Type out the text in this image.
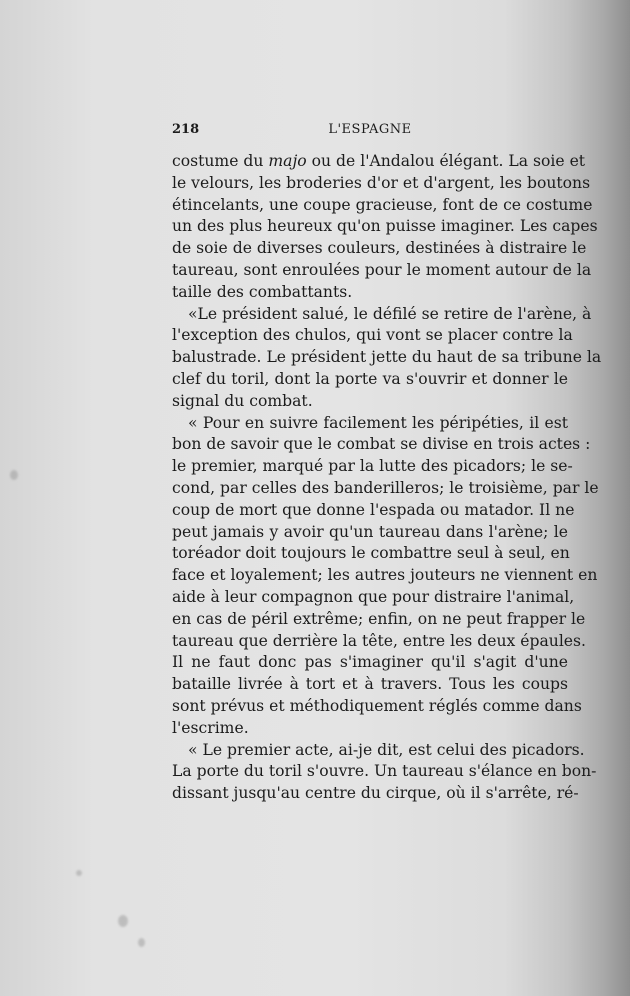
218	L'ESPAGNE
costume du majo ou de l'Andalou élégant. La soie et
le velours, les broderies d'or et d'argent, les boutons
étincelants, une coupe gracieuse, font de ce costume
un des plus heureux qu'on puisse imaginer. Les capes
de soie de diverses couleurs, destinées à distraire le
taureau, sont enroulées pour le moment autour de la
taille des combattants.
«Le président salué, le défilé se retire de l'arène, à
l'exception des chulos, qui vont se placer contre la
balustrade. Le président jette du haut de sa tribune la
clef du toril, dont la porte va s'ouvrir et donner le
signal du combat.
« Pour en suivre facilement les péripéties, il est
bon de savoir que le combat se divise en trois actes :
le premier, marqué par la lutte des picadors; le se-
cond, par celles des banderilleros; le troisième, par le
coup de mort que donne l'espada ou matador. Il ne
peut jamais y avoir qu'un taureau dans l'arène; le
toréador doit toujours le combattre seul à seul, en
face et loyalement; les autres jouteurs ne viennent en
aide à leur compagnon que pour distraire l'animal,
en cas de péril extrême; enfin, on ne peut frapper le
taureau que derrière la tête, entre les deux épaules.
Il ne faut donc pas s'imaginer qu'il s'agit d'une
bataille livrée à tort et à travers. Tous les coups
sont prévus et méthodiquement réglés comme dans
l'escrime.
« Le premier acte, ai-je dit, est celui des picadors.
La porte du toril s'ouvre. Un taureau s'élance en bon-
dissant jusqu'au centre du cirque, où il s'arrête, ré-
